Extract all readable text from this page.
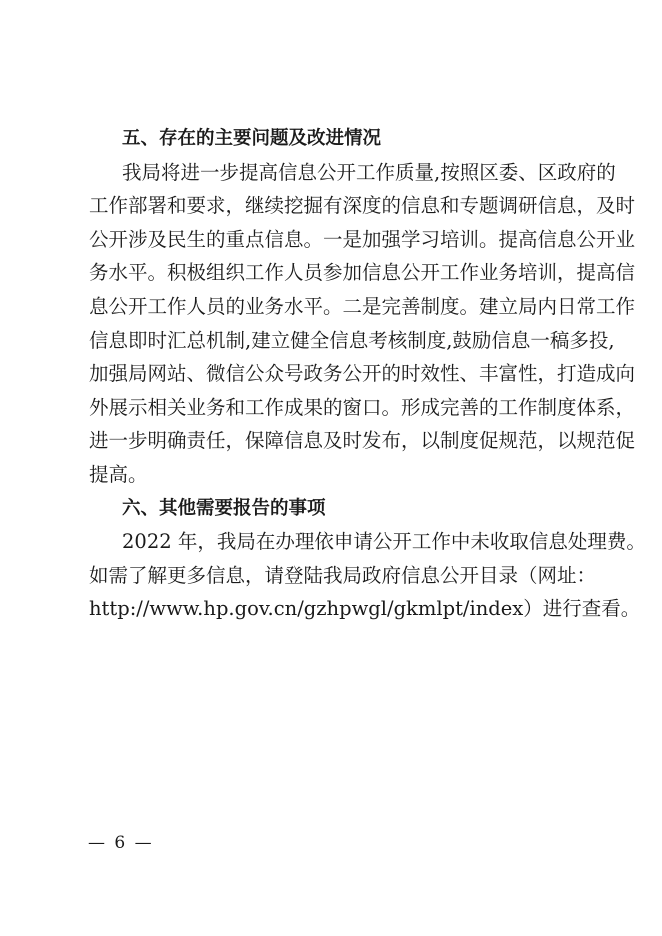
五、存在的主要问题及改进情况
我局将进一步提高信息公开工作质量,按照区委、区政府的
工作部署和要求，继续挖掘有深度的信息和专题调研信息，及时
公开涉及民生的重点信息。一是加强学习培训。提高信息公开业
务水平。积极组织工作人员参加信息公开工作业务培训，提高信
息公开工作人员的业务水平。二是完善制度。建立局内日常工作
信息即时汇总机制,建立健全信息考核制度,鼓励信息一稿多投,
加强局网站、微信公众号政务公开的时效性、丰富性，打造成向
外展示相关业务和工作成果的窗口。形成完善的工作制度体系，
进一步明确责任，保障信息及时发布，以制度促规范，以规范促
提高。
六、其他需要报告的事项
2022 年，我局在办理依申请公开工作中未收取信息处理费。
如需了解更多信息，请登陆我局政府信息公开目录（网址：
http://www.hp.gov.cn/gzhpwgl/gkmlpt/index）进行查看。
— 6 —
